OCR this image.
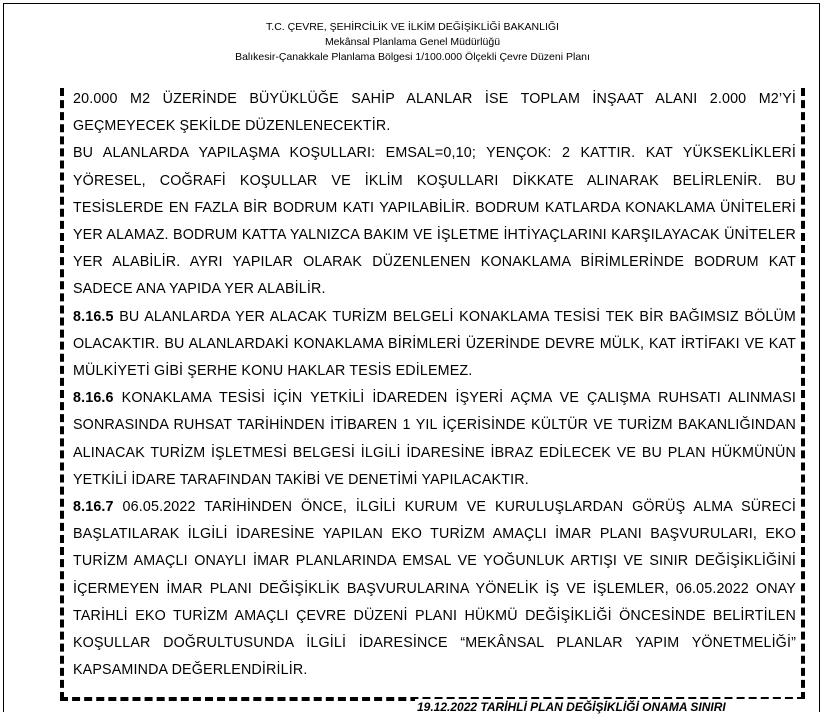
T.C. ÇEVRE, ŞEHİRCİLİK VE İLKİM DEĞİŞİKLİĞİ BAKANLIĞI
Mekânsal Planlama Genel Müdürlüğü
Balıkesir-Çanakkale Planlama Bölgesi 1/100.000 Ölçekli Çevre Düzeni Planı

20.000 M2 ÜZERİNDE BÜYÜKLÜĞE SAHİP ALANLAR İSE TOPLAM İNŞAAT ALANI 2.000 M2’Yİ GEÇMEYECEK ŞEKİLDE DÜZENLENECEKTİR.

BU ALANLARDA YAPILAŞMA KOŞULLARI: EMSAL=0,10; YENÇOK: 2 KATTIR. KAT YÜKSEKLİKLERİ YÖRESEL, COĞRAFİ KOŞULLAR VE İKLİM KOŞULLARI DİKKATE ALINARAK BELİRLENİR. BU TESİSLERDE EN FAZLA BİR BODRUM KATI YAPILABİLİR. BODRUM KATLARDA KONAKLAMA ÜNİTELERİ YER ALAMAZ. BODRUM KATTA YALNIZCA BAKIM VE İŞLETME İHTİYAÇLARINI KARŞILAYACAK ÜNİTELER YER ALABİLİR. AYRI YAPILAR OLARAK DÜZENLENEN KONAKLAMA BİRİMLERİNDE BODRUM KAT SADECE ANA YAPIDA YER ALABİLİR.

8.16.5 BU ALANLARDA YER ALACAK TURİZM BELGELİ KONAKLAMA TESİSİ TEK BİR BAĞIMSIZ BÖLÜM OLACAKTIR. BU ALANLARDAKİ KONAKLAMA BİRİMLERİ ÜZERİNDE DEVRE MÜLK, KAT İRTİFAKI VE KAT MÜLKİYETİ GİBİ ŞERHE KONU HAKLAR TESİS EDİLEMEZ.

8.16.6 KONAKLAMA TESİSİ İÇİN YETKİLİ İDAREDEN İŞYERİ AÇMA VE ÇALIŞMA RUHSATI ALINMASI SONRASINDA RUHSAT TARİHİNDEN İTİBAREN 1 YIL İÇERİSİNDE KÜLTÜR VE TURİZM BAKANLIĞINDAN ALINACAK TURİZM İŞLETMESİ BELGESİ İLGİLİ İDARESİNE İBRAZ EDİLECEK VE BU PLAN HÜKMÜNÜN YETKİLİ İDARE TARAFINDAN TAKİBİ VE DENETİMİ YAPILACAKTIR.

8.16.7 06.05.2022 TARİHİNDEN ÖNCE, İLGİLİ KURUM VE KURULUŞLARDAN GÖRÜŞ ALMA SÜRECİ BAŞLATILARAK İLGİLİ İDARESİNE YAPILAN EKO TURİZM AMAÇLI İMAR PLANI BAŞVURULARI, EKO TURİZM AMAÇLI ONAYLI İMAR PLANLARINDA EMSAL VE YOĞUNLUK ARTIŞI VE SINIR DEĞİŞİKLİĞİNİ İÇERMEYEN İMAR PLANI DEĞİŞİKLİK BAŞVURULARINA YÖNELİK İŞ VE İŞLEMLER, 06.05.2022 ONAY TARİHLİ EKO TURİZM AMAÇLI ÇEVRE DÜZENİ PLANI HÜKMÜ DEĞİŞİKLİĞİ ÖNCESİNDE BELİRTİLEN KOŞULLAR DOĞRULTUSUNDA İLGİLİ İDARESİNCE “MEKÂNSAL PLANLAR YAPIM YÖNETMELİĞİ” KAPSAMINDA DEĞERLENDİRİLİR.

19.12.2022 TARİHLİ PLAN DEĞİŞİKLİĞİ ONAMA SINIRI
